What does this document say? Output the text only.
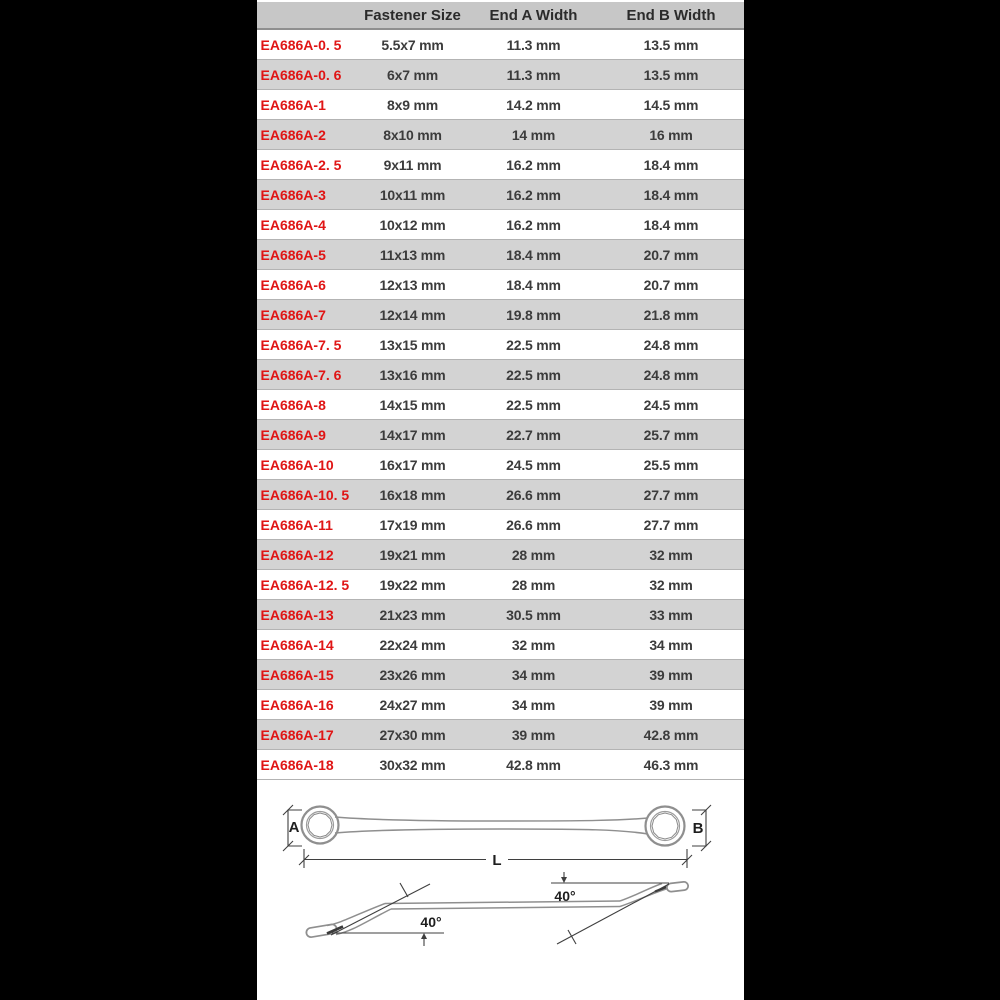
	Fastener Size	End A Width	End B Width
EA686A-0. 5	5.5x7 mm	11.3 mm	13.5 mm
EA686A-0. 6	6x7 mm	11.3 mm	13.5 mm
EA686A-1	8x9 mm	14.2 mm	14.5 mm
EA686A-2	8x10 mm	14 mm	16 mm
EA686A-2. 5	9x11 mm	16.2 mm	18.4 mm
EA686A-3	10x11 mm	16.2 mm	18.4 mm
EA686A-4	10x12 mm	16.2 mm	18.4 mm
EA686A-5	11x13 mm	18.4 mm	20.7 mm
EA686A-6	12x13 mm	18.4 mm	20.7 mm
EA686A-7	12x14 mm	19.8 mm	21.8 mm
EA686A-7. 5	13x15 mm	22.5 mm	24.8 mm
EA686A-7. 6	13x16 mm	22.5 mm	24.8 mm
EA686A-8	14x15 mm	22.5 mm	24.5 mm
EA686A-9	14x17 mm	22.7 mm	25.7 mm
EA686A-10	16x17 mm	24.5 mm	25.5 mm
EA686A-10. 5	16x18 mm	26.6 mm	27.7 mm
EA686A-11	17x19 mm	26.6 mm	27.7 mm
EA686A-12	19x21 mm	28 mm	32 mm
EA686A-12. 5	19x22 mm	28 mm	32 mm
EA686A-13	21x23 mm	30.5 mm	33 mm
EA686A-14	22x24 mm	32 mm	34 mm
EA686A-15	23x26 mm	34 mm	39 mm
EA686A-16	24x27 mm	34 mm	39 mm
EA686A-17	27x30 mm	39 mm	42.8 mm
EA686A-18	30x32 mm	42.8 mm	46.3 mm
A	B
L
40°
40°
